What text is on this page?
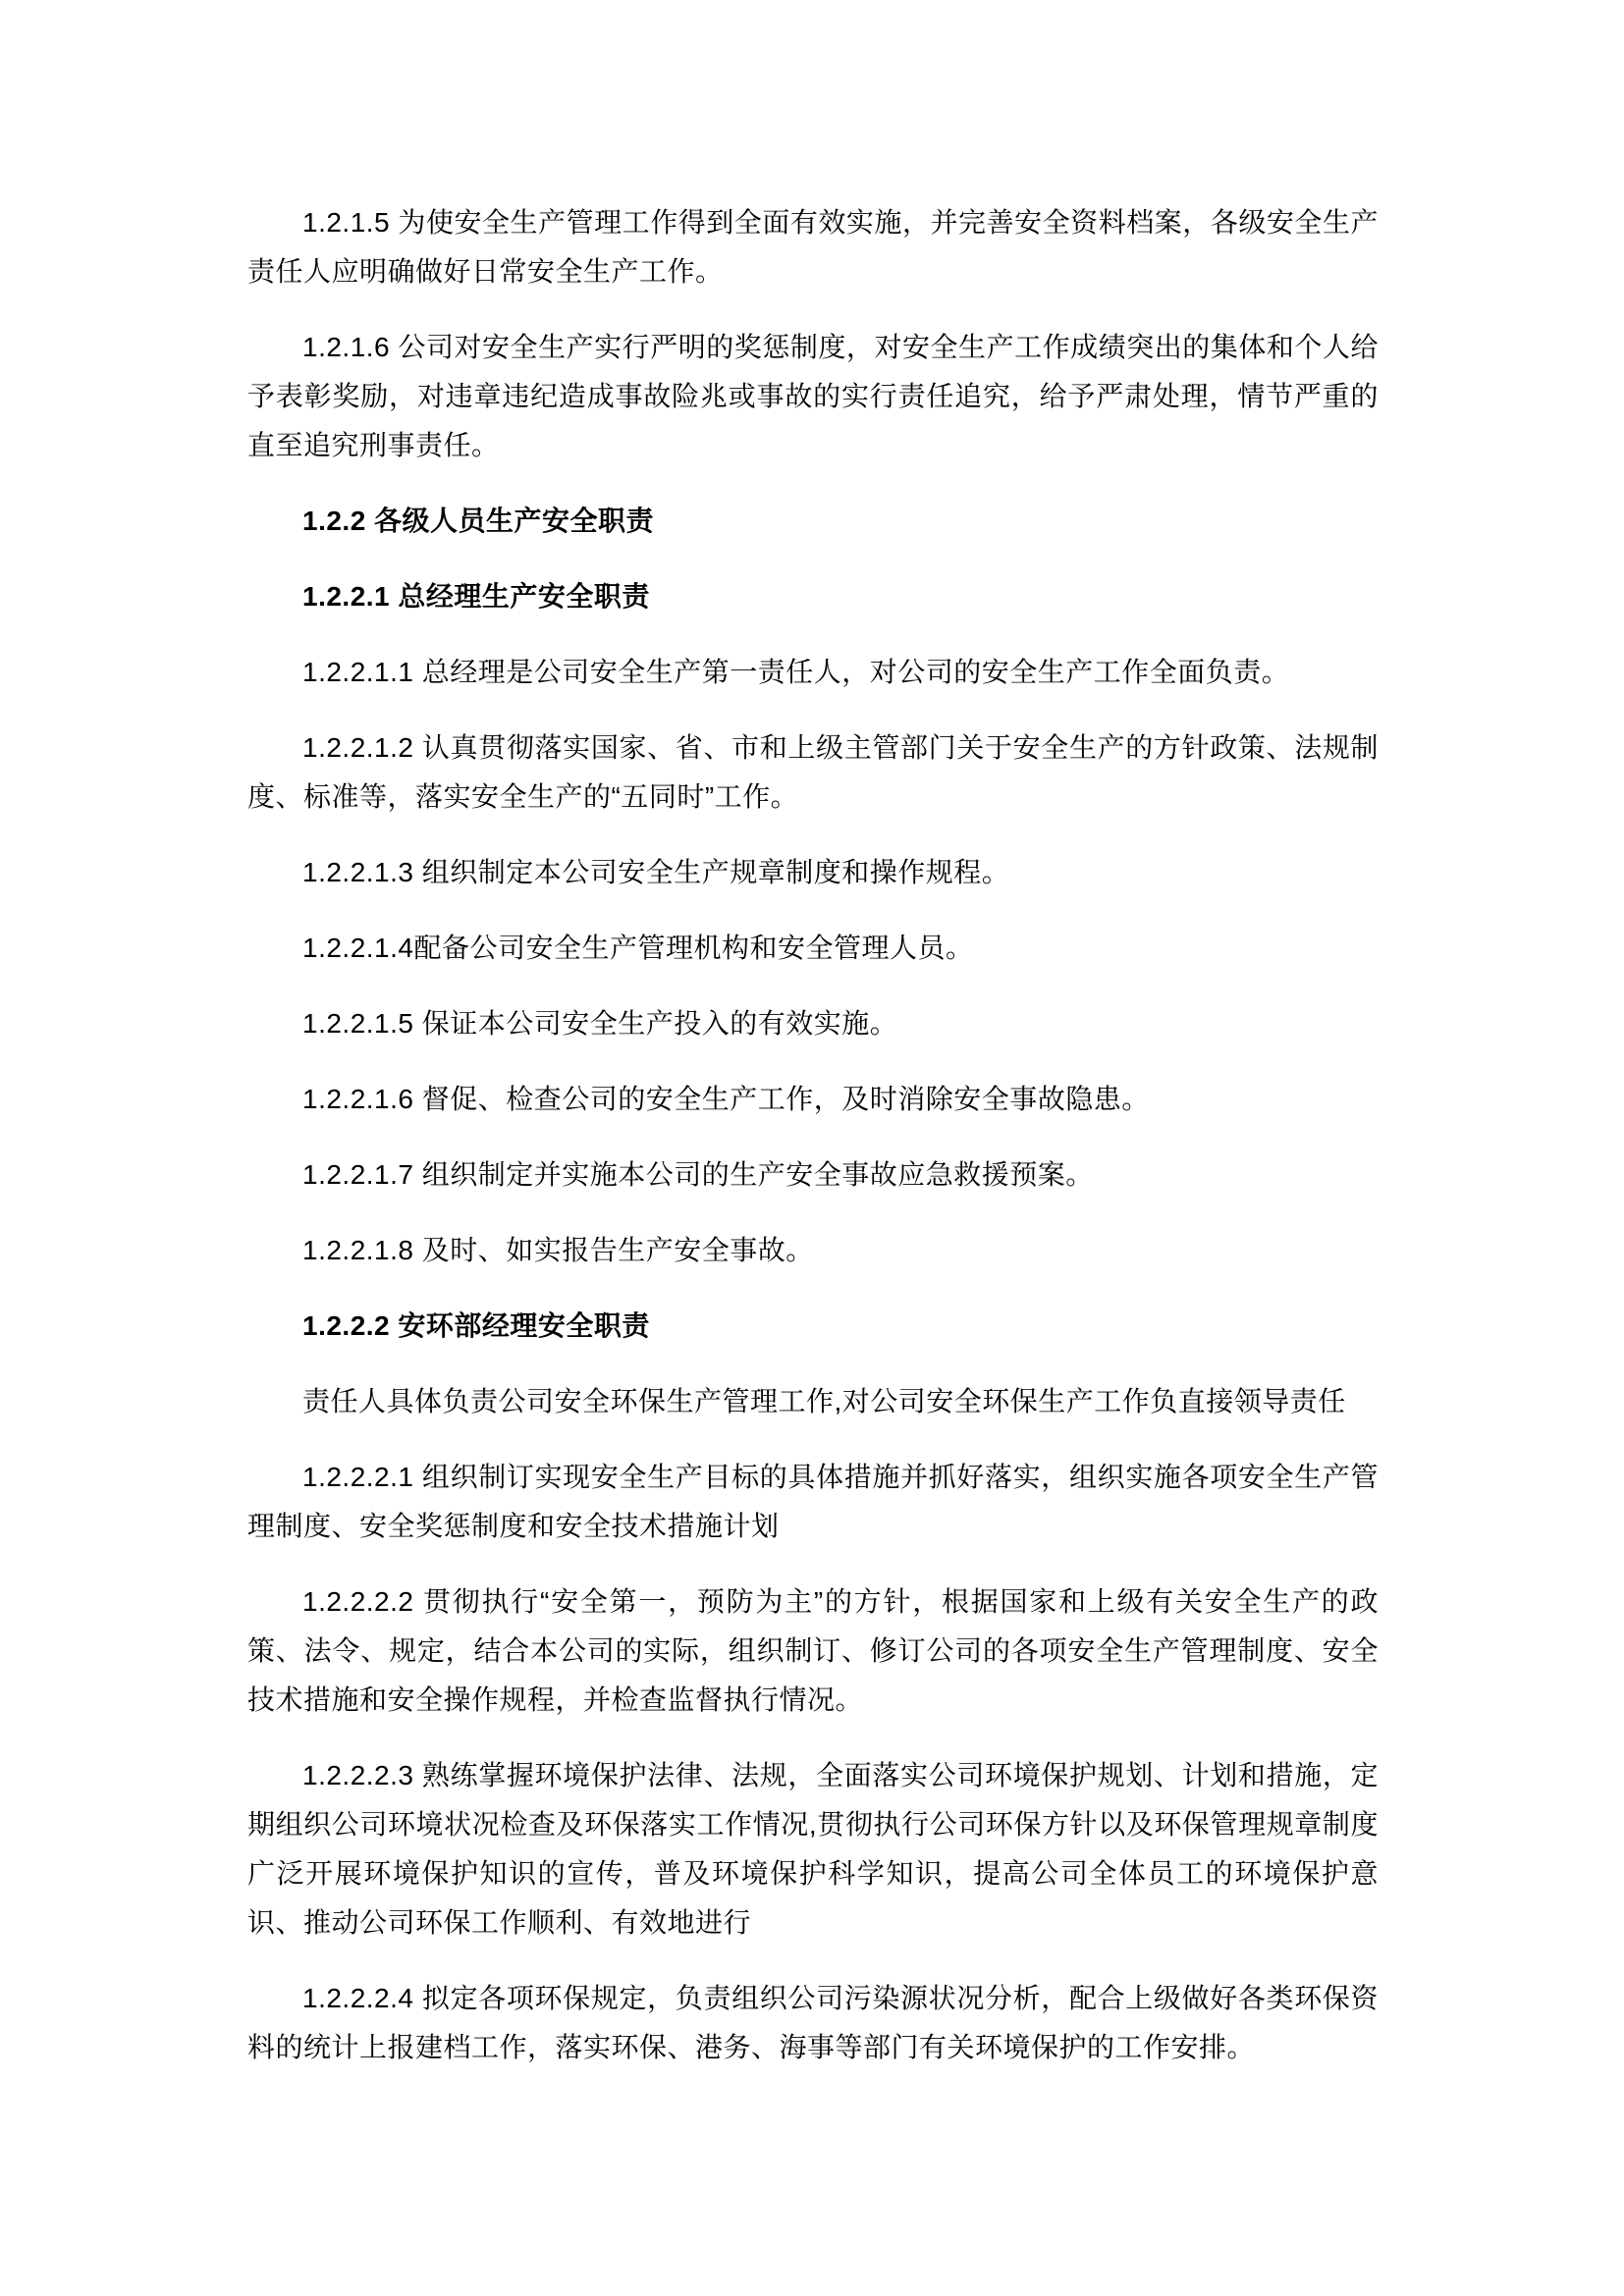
1.2.1.5 为使安全生产管理工作得到全面有效实施，并完善安全资料档案，各级安全生产责任人应明确做好日常安全生产工作。

1.2.1.6 公司对安全生产实行严明的奖惩制度，对安全生产工作成绩突出的集体和个人给予表彰奖励，对违章违纪造成事故险兆或事故的实行责任追究，给予严肃处理，情节严重的直至追究刑事责任。

1.2.2 各级人员生产安全职责

1.2.2.1 总经理生产安全职责

1.2.2.1.1 总经理是公司安全生产第一责任人，对公司的安全生产工作全面负责。

1.2.2.1.2 认真贯彻落实国家、省、市和上级主管部门关于安全生产的方针政策、法规制度、标准等，落实安全生产的“五同时”工作。

1.2.2.1.3 组织制定本公司安全生产规章制度和操作规程。

1.2.2.1.4配备公司安全生产管理机构和安全管理人员。

1.2.2.1.5 保证本公司安全生产投入的有效实施。

1.2.2.1.6 督促、检查公司的安全生产工作，及时消除安全事故隐患。

1.2.2.1.7 组织制定并实施本公司的生产安全事故应急救援预案。

1.2.2.1.8 及时、如实报告生产安全事故。

1.2.2.2 安环部经理安全职责

责任人具体负责公司安全环保生产管理工作,对公司安全环保生产工作负直接领导责任

1.2.2.2.1 组织制订实现安全生产目标的具体措施并抓好落实，组织实施各项安全生产管理制度、安全奖惩制度和安全技术措施计划

1.2.2.2.2 贯彻执行“安全第一，预防为主”的方针，根据国家和上级有关安全生产的政策、法令、规定，结合本公司的实际，组织制订、修订公司的各项安全生产管理制度、安全技术措施和安全操作规程，并检查监督执行情况。

1.2.2.2.3 熟练掌握环境保护法律、法规，全面落实公司环境保护规划、计划和措施，定期组织公司环境状况检查及环保落实工作情况,贯彻执行公司环保方针以及环保管理规章制度广泛开展环境保护知识的宣传，普及环境保护科学知识，提高公司全体员工的环境保护意识、推动公司环保工作顺利、有效地进行

1.2.2.2.4 拟定各项环保规定，负责组织公司污染源状况分析，配合上级做好各类环保资料的统计上报建档工作，落实环保、港务、海事等部门有关环境保护的工作安排。
